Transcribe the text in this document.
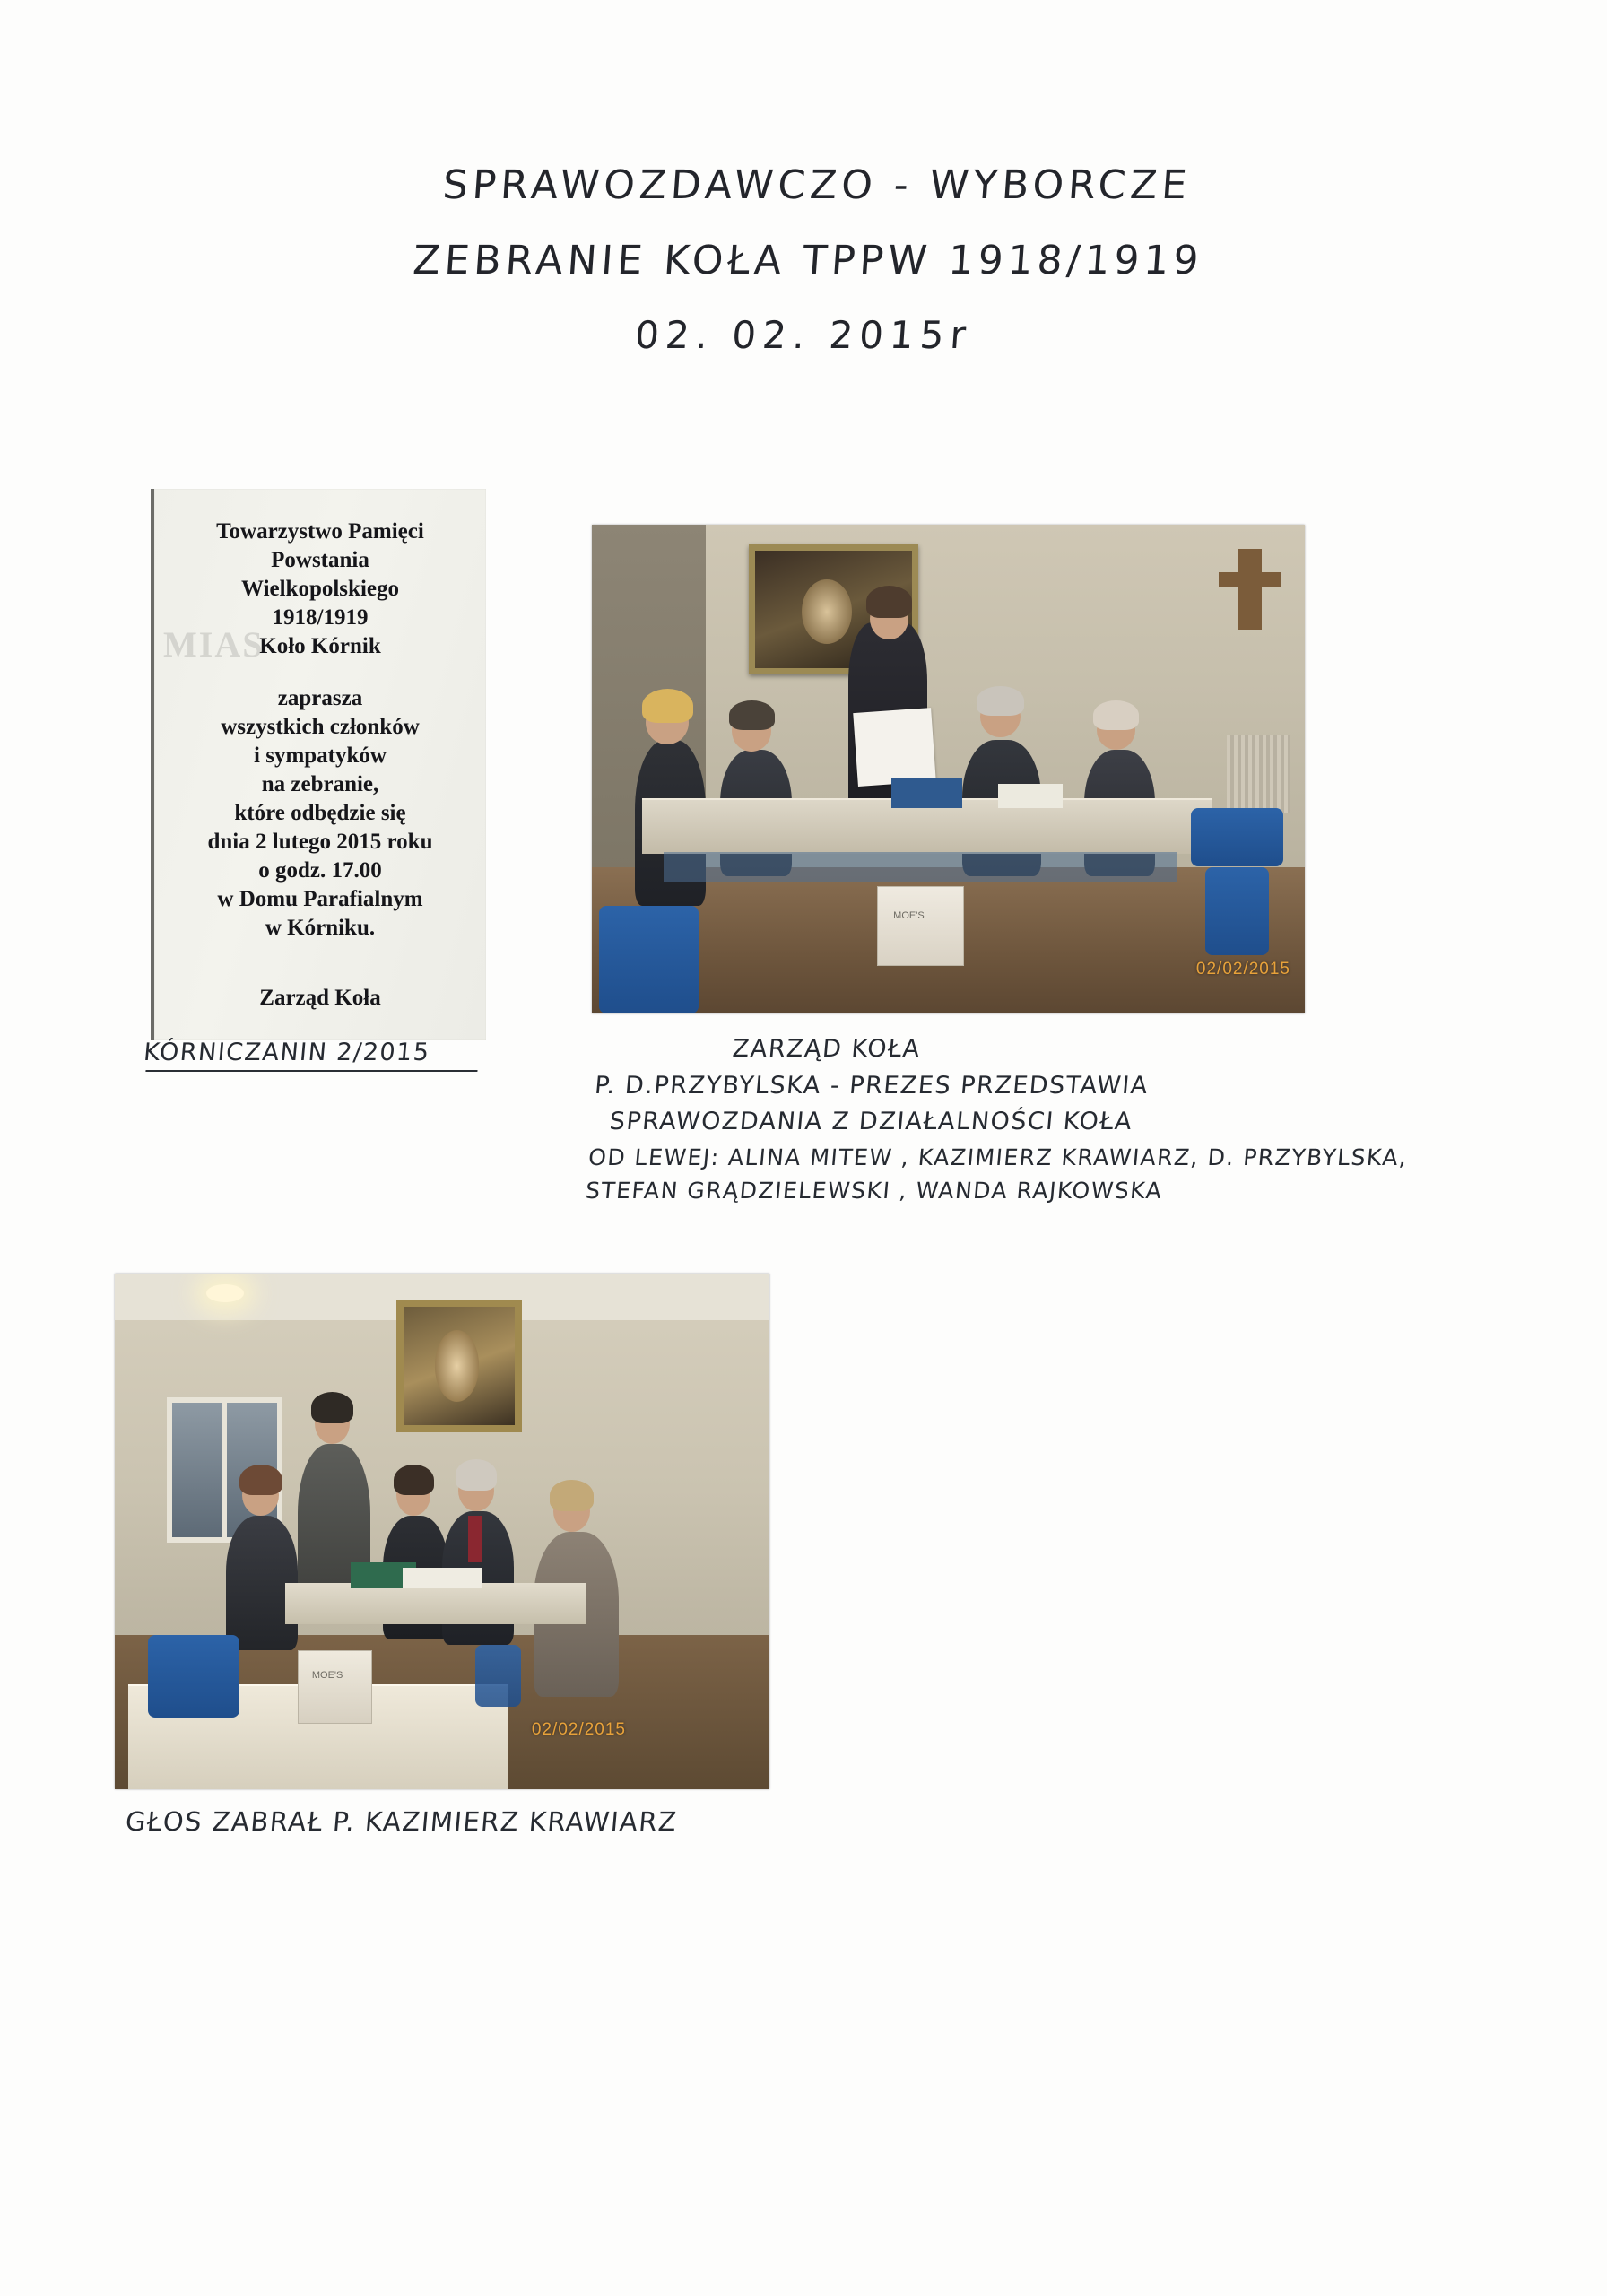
SPRAWOZDAWCZO - WYBORCZE
ZEBRANIE KOŁA TPPW 1918/1919
02. 02. 2015r
MIAS
Towarzystwo Pamięci
Powstania
Wielkopolskiego
1918/1919
Koło Kórnik
zaprasza
wszystkich członków
i sympatyków
na zebranie,
które odbędzie się
dnia 2 lutego 2015 roku
o godz. 17.00
w Domu Parafialnym
w Kórniku.
Zarząd Koła
KÓRNICZANIN 2/2015
MOE'S
02/02/2015
ZARZĄD KOŁA
P. D.PRZYBYLSKA - PREZES PRZEDSTAWIA
SPRAWOZDANIA Z DZIAŁALNOŚCI KOŁA
OD LEWEJ: ALINA MITEW , KAZIMIERZ KRAWIARZ, D. PRZYBYLSKA,
STEFAN GRĄDZIELEWSKI , WANDA RAJKOWSKA
MOE'S
02/02/2015
GŁOS ZABRAŁ P. KAZIMIERZ KRAWIARZ
